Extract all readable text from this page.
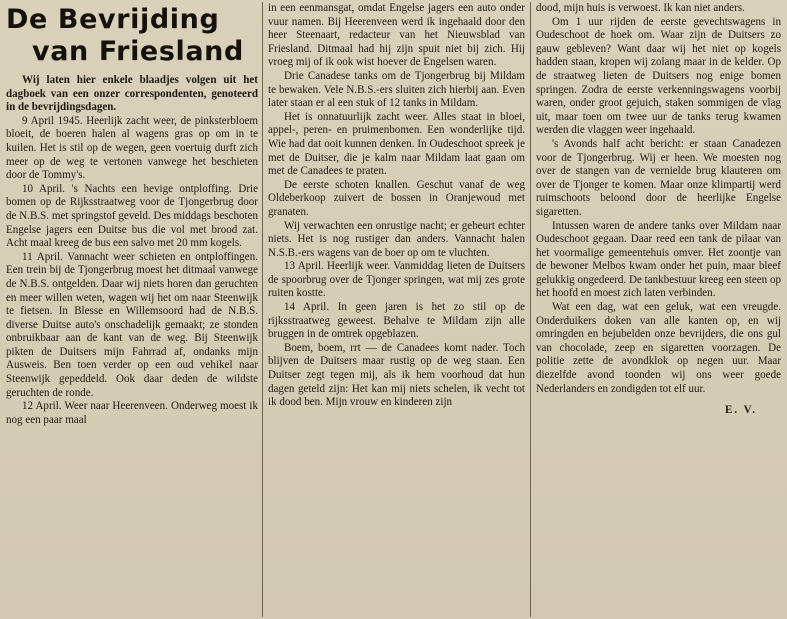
De Bevrijding
van Friesland

Wij laten hier enkele blaadjes volgen uit het dagboek van een onzer correspondenten, genoteerd in de bevrijdingsdagen.

9 April 1945. Heerlijk zacht weer, de pinksterbloem bloeit, de boeren halen al wagens gras op om in te kuilen. Het is stil op de wegen, geen voertuig durft zich meer op de weg te vertonen vanwege het beschieten door de Tommy's.

10 April. 's Nachts een hevige ontploffing. Drie bomen op de Rijksstraatweg voor de Tjongerbrug door de N.B.S. met springstof geveld. Des middags beschoten Engelse jagers een Duitse bus die vol met brood zat. Acht maal kreeg de bus een salvo met 20 mm kogels.

11 April. Vannacht weer schieten en ontploffingen. Een trein bij de Tjongerbrug moest het ditmaal vanwege de N.B.S. ontgelden. Daar wij niets horen dan geruchten en meer willen weten, wagen wij het om naar Steenwijk te fietsen. In Blesse en Willemsoord had de N.B.S. diverse Duitse auto's onschadelijk gemaakt; ze stonden onbruikbaar aan de kant van de weg. Bij Steenwijk pikten de Duitsers mijn Fahrrad af, ondanks mijn Ausweis. Ben toen verder op een oud vehikel naar Steenwijk gepeddeld. Ook daar deden de wildste geruchten de ronde.

12 April. Weer naar Heerenveen. Onderweg moest ik nog een paar maal

in een eenmansgat, omdat Engelse jagers een auto onder vuur namen. Bij Heerenveen werd ik ingehaald door den heer Steenaart, redacteur van het Nieuwsblad van Friesland. Ditmaal had hij zijn spuit niet bij zich. Hij vroeg mij of ik ook wist hoever de Engelsen waren.

Drie Canadese tanks om de Tjongerbrug bij Mildam te bewaken. Vele N.B.S.-ers sluiten zich hierbij aan. Even later staan er al een stuk of 12 tanks in Mildam.

Het is onnatuurlijk zacht weer. Alles staat in bloei, appel-, peren- en pruimenbomen. Een wonderlijke tijd. Wie had dat ooit kunnen denken. In Oudeschoot spreek je met de Duitser, die je kalm naar Mildam laat gaan om met de Canadees te praten.

De eerste schoten knallen. Geschut vanaf de weg Oldeberkoop zuivert de bossen in Oranjewoud met granaten.

Wij verwachten een onrustige nacht; er gebeurt echter niets. Het is nog rustiger dan anders. Vannacht halen N.S.B.-ers wagens van de boer op om te vluchten.

13 April. Heerlijk weer. Vanmiddag lieten de Duitsers de spoorbrug over de Tjonger springen, wat mij zes grote ruiten kostte.

14 April. In geen jaren is het zo stil op de rijksstraatweg geweest. Behalve te Mildam zijn alle bruggen in de omtrek opgeblazen.

Boem, boem, rrt — de Canadees komt nader. Toch blijven de Duitsers maar rustig op de weg staan. Een Duitser zegt tegen mij, als ik hem voorhoud dat hun dagen geteld zijn: Het kan mij niets schelen, ik vecht tot ik dood ben. Mijn vrouw en kinderen zijn

dood, mijn huis is verwoest. Ik kan niet anders.

Om 1 uur rijden de eerste gevechtswagens in Oudeschoot de hoek om. Waar zijn de Duitsers zo gauw gebleven? Want daar wij het niet op kogels hadden staan, kropen wij zolang maar in de kelder. Op de straatweg lieten de Duitsers nog enige bomen springen. Zodra de eerste verkenningswagens voorbij waren, onder groot gejuich, staken sommigen de vlag uit, maar toen om twee uur de tanks terug kwamen werden die vlaggen weer ingehaald.

's Avonds half acht bericht: er staan Canadezen voor de Tjongerbrug. Wij er heen. We moesten nog over de stangen van de vernielde brug klauteren om over de Tjonger te komen. Maar onze klimpartij werd ruimschoots beloond door de heerlijke Engelse sigaretten.

Intussen waren de andere tanks over Mildam naar Oudeschoot gegaan. Daar reed een tank de pilaar van het voormalige gemeentehuis omver. Het zoontje van de bewoner Melbos kwam onder het puin, maar bleef gelukkig ongedeerd. De tankbestuur kreeg een steen op het hoofd en moest zich laten verbinden.

Wat een dag, wat een geluk, wat een vreugde. Onderduikers doken van alle kanten op, en wij omringden en bejubelden onze bevrijders, die ons gul van chocolade, zeep en sigaretten voorzagen. De politie zette de avondklok op negen uur. Maar diezelfde avond toonden wij ons weer goede Nederlanders en zondigden tot elf uur.

E. V.
